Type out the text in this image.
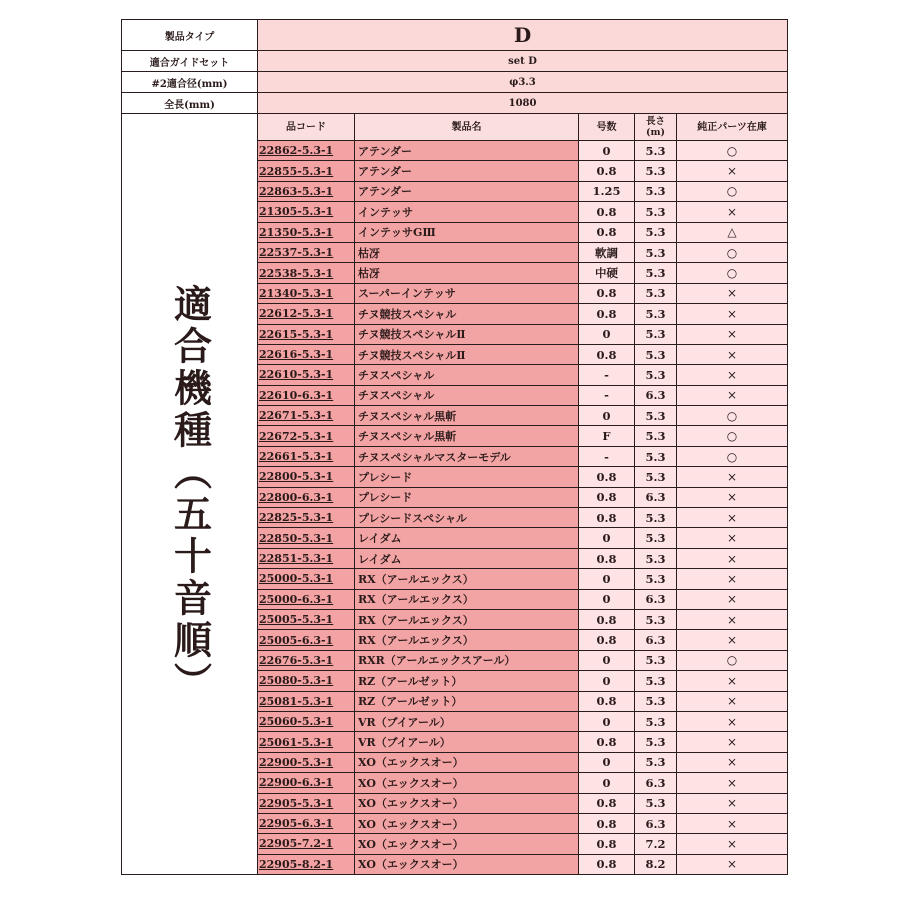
製品タイプ	D				
適合ガイドセット	set D				
#2適合径(mm)	φ3.3				
全長(mm)	1080				

適合機種（五十音順）	品コード	製品名	号数	長さ(m)	純正パーツ在庫
	22862-5.3-1	アテンダー	0	5.3	○
	22855-5.3-1	アテンダー	0.8	5.3	×
	22863-5.3-1	アテンダー	1.25	5.3	○
	21305-5.3-1	インテッサ	0.8	5.3	×
	21350-5.3-1	インテッサGⅢ	0.8	5.3	△
	22537-5.3-1	枯冴	軟調	5.3	○
	22538-5.3-1	枯冴	中硬	5.3	○
	21340-5.3-1	スーパーインテッサ	0.8	5.3	×
	22612-5.3-1	チヌ競技スペシャル	0.8	5.3	×
	22615-5.3-1	チヌ競技スペシャルⅡ	0	5.3	×
	22616-5.3-1	チヌ競技スペシャルⅡ	0.8	5.3	×
	22610-5.3-1	チヌスペシャル	-	5.3	×
	22610-6.3-1	チヌスペシャル	-	6.3	×
	22671-5.3-1	チヌスペシャル黒斬	0	5.3	○
	22672-5.3-1	チヌスペシャル黒斬	F	5.3	○
	22661-5.3-1	チヌスペシャルマスターモデル	-	5.3	○
	22800-5.3-1	プレシード	0.8	5.3	×
	22800-6.3-1	プレシード	0.8	6.3	×
	22825-5.3-1	プレシードスペシャル	0.8	5.3	×
	22850-5.3-1	レイダム	0	5.3	×
	22851-5.3-1	レイダム	0.8	5.3	×
	25000-5.3-1	RX（アールエックス）	0	5.3	×
	25000-6.3-1	RX（アールエックス）	0	6.3	×
	25005-5.3-1	RX（アールエックス）	0.8	5.3	×
	25005-6.3-1	RX（アールエックス）	0.8	6.3	×
	22676-5.3-1	RXR（アールエックスアール）	0	5.3	○
	25080-5.3-1	RZ（アールゼット）	0	5.3	×
	25081-5.3-1	RZ（アールゼット）	0.8	5.3	×
	25060-5.3-1	VR（ブイアール）	0	5.3	×
	25061-5.3-1	VR（ブイアール）	0.8	5.3	×
	22900-5.3-1	XO（エックスオー）	0	5.3	×
	22900-6.3-1	XO（エックスオー）	0	6.3	×
	22905-5.3-1	XO（エックスオー）	0.8	5.3	×
	22905-6.3-1	XO（エックスオー）	0.8	6.3	×
	22905-7.2-1	XO（エックスオー）	0.8	7.2	×
	22905-8.2-1	XO（エックスオー）	0.8	8.2	×
